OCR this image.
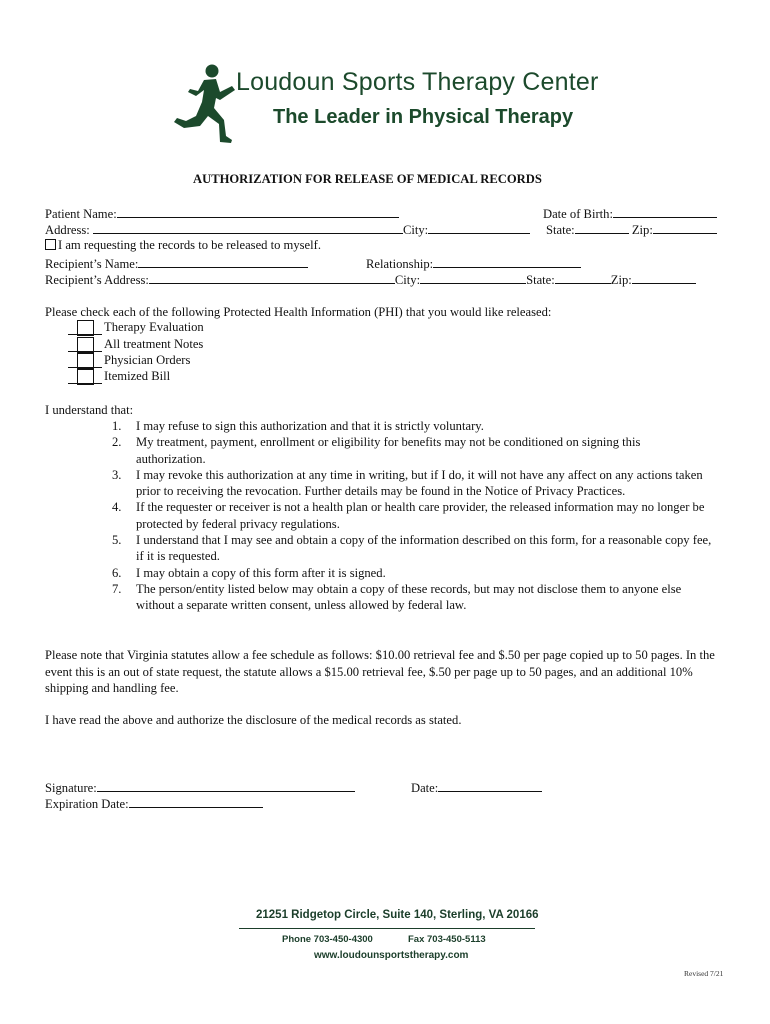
Loudoun Sports Therapy Center
The Leader in Physical Therapy
AUTHORIZATION FOR RELEASE OF MEDICAL RECORDS
Patient Name:	Date of Birth:
Address:	City:	State:	Zip:
I am requesting the records to be released to myself.
Recipient’s Name:	Relationship:
Recipient’s Address:	City:	State:	Zip:
Please check each of the following Protected Health Information (PHI) that you would like released:
Therapy Evaluation
All treatment Notes
Physician Orders
Itemized Bill
I understand that:
1. I may refuse to sign this authorization and that it is strictly voluntary.
2. My treatment, payment, enrollment or eligibility for benefits may not be conditioned on signing this authorization.
3. I may revoke this authorization at any time in writing, but if I do, it will not have any affect on any actions taken prior to receiving the revocation. Further details may be found in the Notice of Privacy Practices.
4. If the requester or receiver is not a health plan or health care provider, the released information may no longer be protected by federal privacy regulations.
5. I understand that I may see and obtain a copy of the information described on this form, for a reasonable copy fee, if it is requested.
6. I may obtain a copy of this form after it is signed.
7. The person/entity listed below may obtain a copy of these records, but may not disclose them to anyone else without a separate written consent, unless allowed by federal law.
Please note that Virginia statutes allow a fee schedule as follows: $10.00 retrieval fee and $.50 per page copied up to 50 pages. In the event this is an out of state request, the statute allows a $15.00 retrieval fee, $.50 per page up to 50 pages, and an additional 10% shipping and handling fee.
I have read the above and authorize the disclosure of the medical records as stated.
Signature:	Date:
Expiration Date:
21251 Ridgetop Circle, Suite 140, Sterling, VA 20166
Phone 703-450-4300	Fax 703-450-5113
www.loudounsportstherapy.com
Revised 7/21
